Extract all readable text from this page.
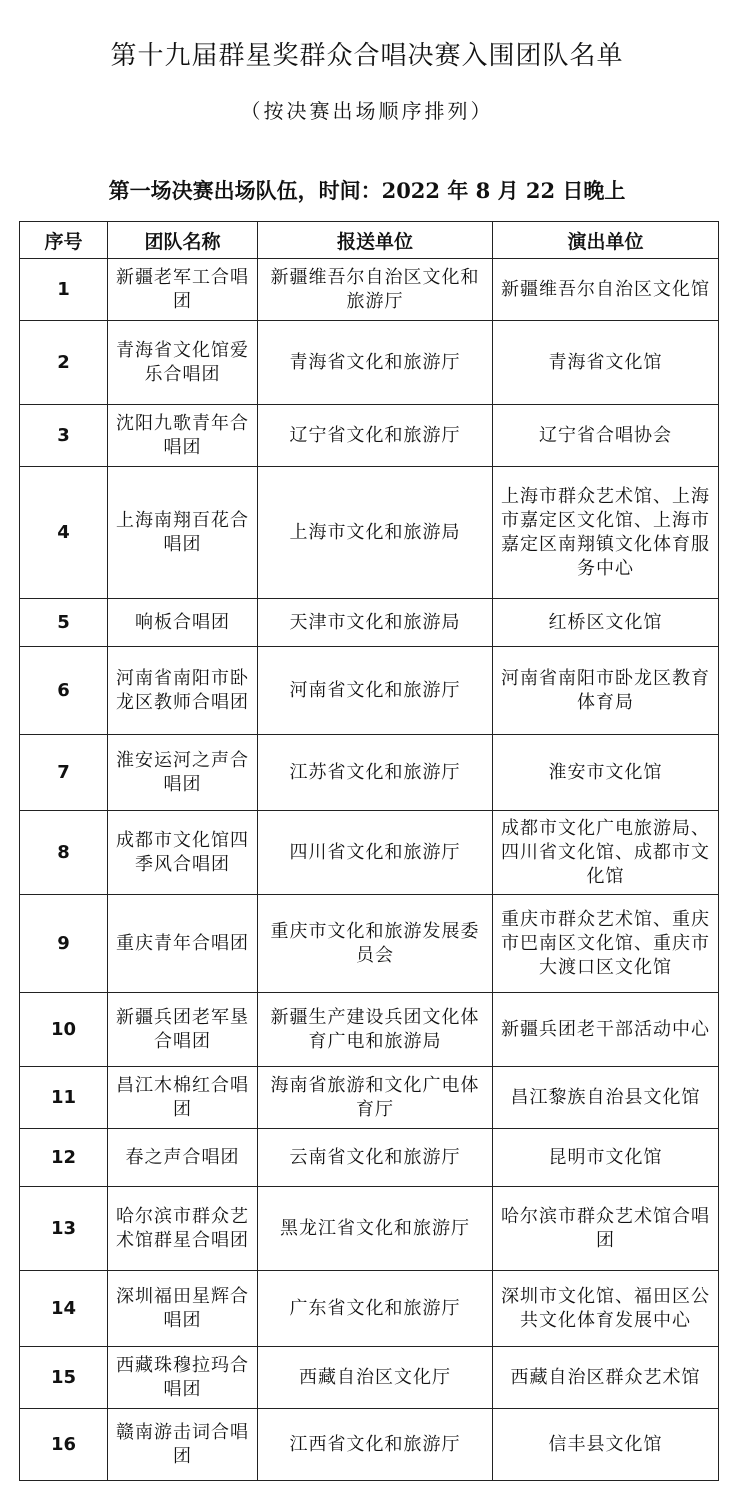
第十九届群星奖群众合唱决赛入围团队名单
（按决赛出场顺序排列）
第一场决赛出场队伍，时间：2022 年 8 月 22 日晚上
序号	团队名称	报送单位	演出单位
1	新疆老军工合唱团	新疆维吾尔自治区文化和旅游厅	新疆维吾尔自治区文化馆
2	青海省文化馆爱乐合唱团	青海省文化和旅游厅	青海省文化馆
3	沈阳九歌青年合唱团	辽宁省文化和旅游厅	辽宁省合唱协会
4	上海南翔百花合唱团	上海市文化和旅游局	上海市群众艺术馆、上海市嘉定区文化馆、上海市嘉定区南翔镇文化体育服务中心
5	响板合唱团	天津市文化和旅游局	红桥区文化馆
6	河南省南阳市卧龙区教师合唱团	河南省文化和旅游厅	河南省南阳市卧龙区教育体育局
7	淮安运河之声合唱团	江苏省文化和旅游厅	淮安市文化馆
8	成都市文化馆四季风合唱团	四川省文化和旅游厅	成都市文化广电旅游局、四川省文化馆、成都市文化馆
9	重庆青年合唱团	重庆市文化和旅游发展委员会	重庆市群众艺术馆、重庆市巴南区文化馆、重庆市大渡口区文化馆
10	新疆兵团老军垦合唱团	新疆生产建设兵团文化体育广电和旅游局	新疆兵团老干部活动中心
11	昌江木棉红合唱团	海南省旅游和文化广电体育厅	昌江黎族自治县文化馆
12	春之声合唱团	云南省文化和旅游厅	昆明市文化馆
13	哈尔滨市群众艺术馆群星合唱团	黑龙江省文化和旅游厅	哈尔滨市群众艺术馆合唱团
14	深圳福田星辉合唱团	广东省文化和旅游厅	深圳市文化馆、福田区公共文化体育发展中心
15	西藏珠穆拉玛合唱团	西藏自治区文化厅	西藏自治区群众艺术馆
16	赣南游击词合唱团	江西省文化和旅游厅	信丰县文化馆
